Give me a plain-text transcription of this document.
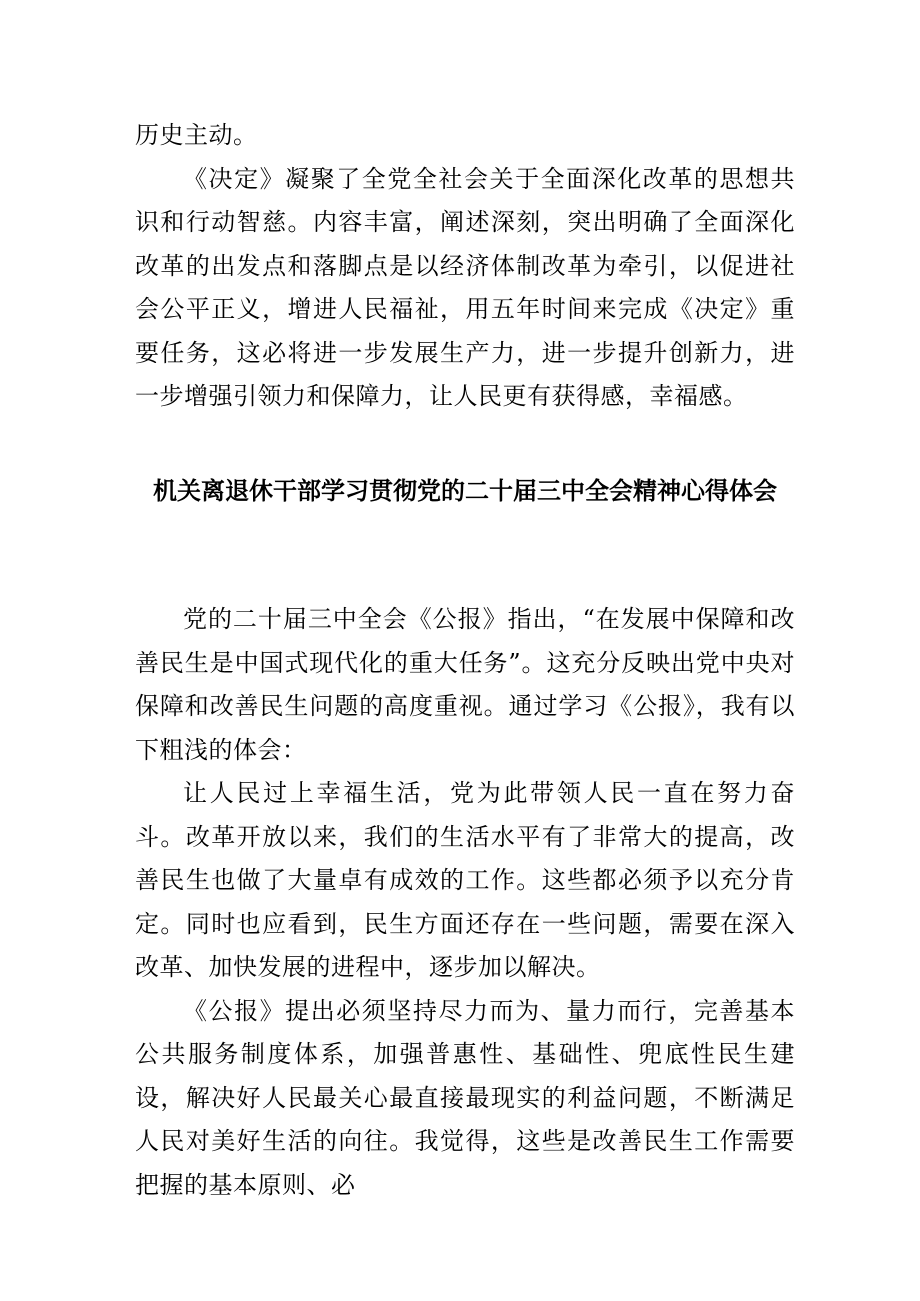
历史主动。

《决定》凝聚了全党全社会关于全面深化改革的思想共识和行动智慈。内容丰富，阐述深刻，突出明确了全面深化改革的出发点和落脚点是以经济体制改革为牵引，以促进社会公平正义，增进人民福祉，用五年时间来完成《决定》重要任务，这必将进一步发展生产力，进一步提升创新力，进一步增强引领力和保障力，让人民更有获得感，幸福感。

机关离退休干部学习贯彻党的二十届三中全会精神心得体会

党的二十届三中全会《公报》指出，“在发展中保障和改善民生是中国式现代化的重大任务”。这充分反映出党中央对保障和改善民生问题的高度重视。通过学习《公报》，我有以下粗浅的体会：

让人民过上幸福生活，党为此带领人民一直在努力奋斗。改革开放以来，我们的生活水平有了非常大的提高，改善民生也做了大量卓有成效的工作。这些都必须予以充分肯定。同时也应看到，民生方面还存在一些问题，需要在深入改革、加快发展的进程中，逐步加以解决。

《公报》提出必须坚持尽力而为、量力而行，完善基本公共服务制度体系，加强普惠性、基础性、兜底性民生建设，解决好人民最关心最直接最现实的利益问题，不断满足人民对美好生活的向往。我觉得，这些是改善民生工作需要把握的基本原则、必
